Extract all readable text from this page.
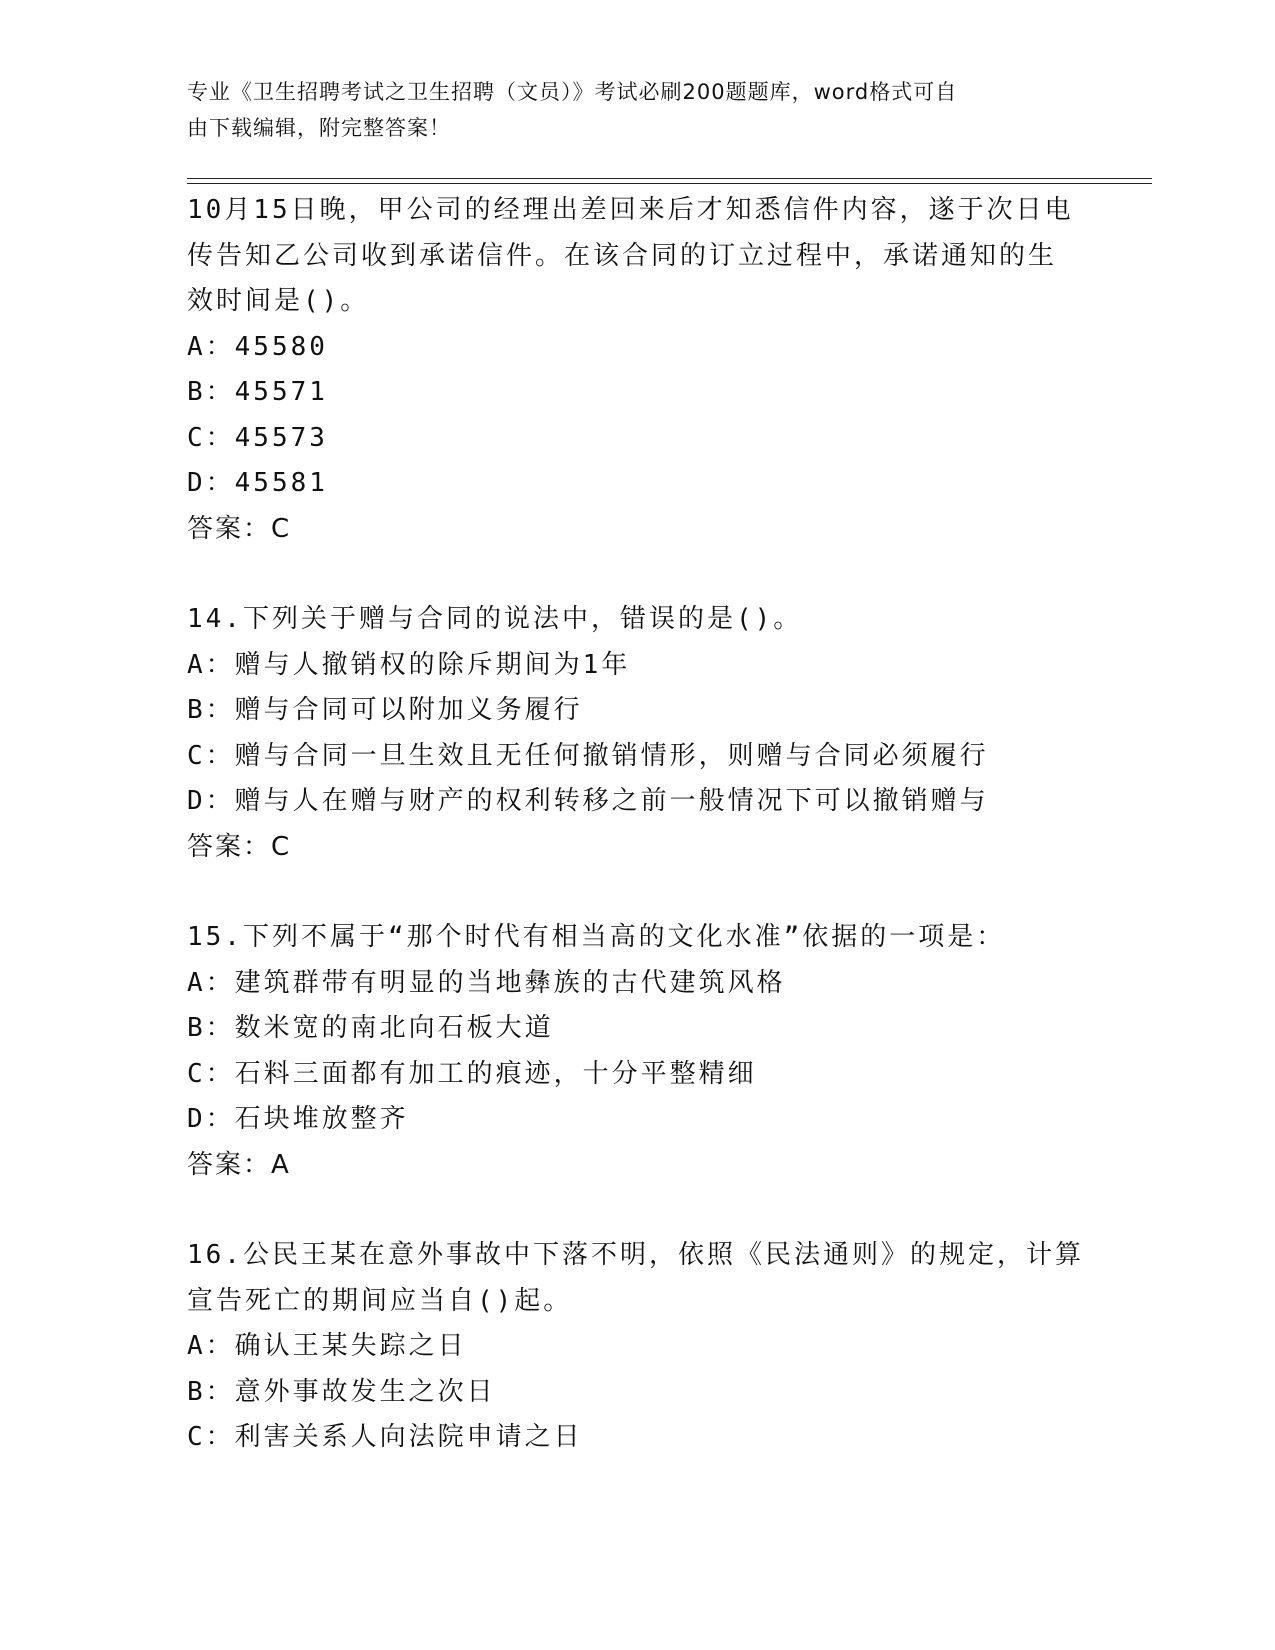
专业《卫生招聘考试之卫生招聘（文员）》考试必刷200题题库，word格式可自
由下载编辑，附完整答案！
10月15日晚，甲公司的经理出差回来后才知悉信件内容，遂于次日电
传告知乙公司收到承诺信件。在该合同的订立过程中，承诺通知的生
效时间是()。
A：45580
B：45571
C：45573
D：45581
答案：C
14.下列关于赠与合同的说法中，错误的是()。
A：赠与人撤销权的除斥期间为1年
B：赠与合同可以附加义务履行
C：赠与合同一旦生效且无任何撤销情形，则赠与合同必须履行
D：赠与人在赠与财产的权利转移之前一般情况下可以撤销赠与
答案：C
15.下列不属于“那个时代有相当高的文化水准”依据的一项是：
A：建筑群带有明显的当地彝族的古代建筑风格
B：数米宽的南北向石板大道
C：石料三面都有加工的痕迹，十分平整精细
D：石块堆放整齐
答案：A
16.公民王某在意外事故中下落不明，依照《民法通则》的规定，计算
宣告死亡的期间应当自()起。
A：确认王某失踪之日
B：意外事故发生之次日
C：利害关系人向法院申请之日
